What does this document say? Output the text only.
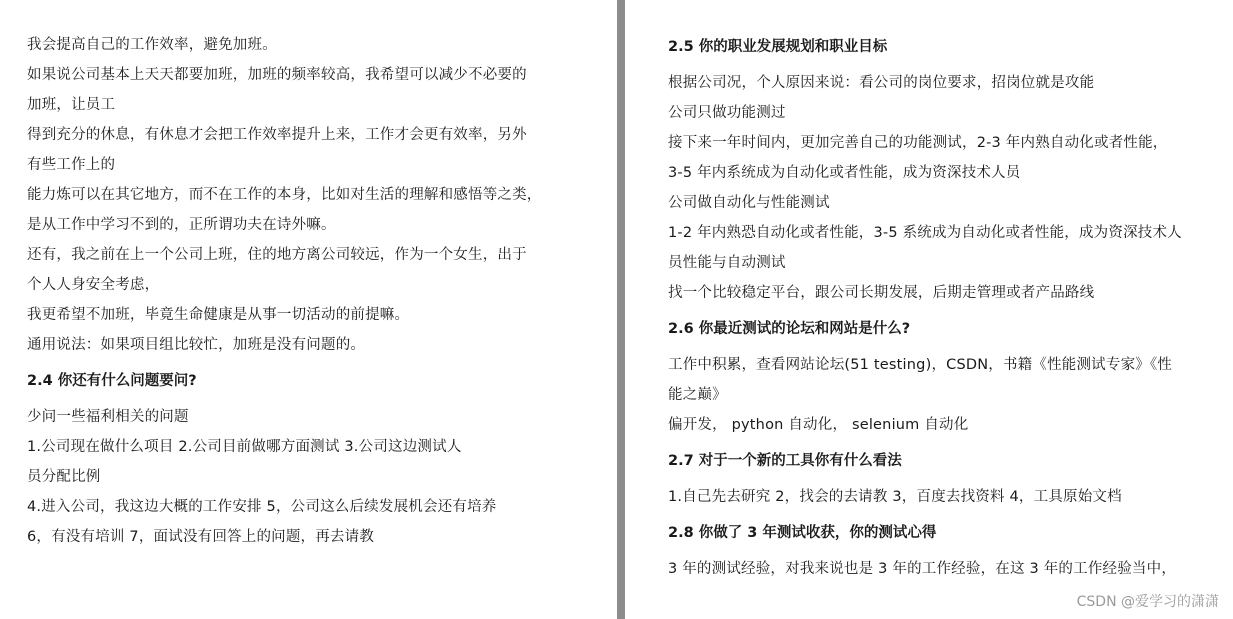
我会提高自己的工作效率，避免加班。
如果说公司基本上天天都要加班，加班的频率较高，我希望可以减少不必要的
加班，让员工
得到充分的休息，有休息才会把工作效率提升上来，工作才会更有效率，另外
有些工作上的
能力炼可以在其它地方，而不在工作的本身，比如对生活的理解和感悟等之类，
是从工作中学习不到的，正所谓功夫在诗外嘛。
还有，我之前在上一个公司上班，住的地方离公司较远，作为一个女生，出于
个人人身安全考虑，
我更希望不加班，毕竟生命健康是从事一切活动的前提嘛。
通用说法：如果项目组比较忙，加班是没有问题的。
2.4 你还有什么问题要问?
少问一些福利相关的问题
1.公司现在做什么项目 2.公司目前做哪方面测试 3.公司这边测试人
员分配比例
4.进入公司，我这边大概的工作安排 5，公司这么后续发展机会还有培养
6，有没有培训 7，面试没有回答上的问题，再去请教
2.5 你的职业发展规划和职业目标
根据公司况，个人原因来说：看公司的岗位要求，招岗位就是攻能
公司只做功能测过
接下来一年时间内，更加完善自己的功能测试，2-3 年内熟自动化或者性能，
3-5 年内系统成为自动化或者性能，成为资深技术人员
公司做自动化与性能测试
1-2 年内熟恐自动化或者性能，3-5 系统成为自动化或者性能，成为资深技术人
员性能与自动测试
找一个比较稳定平台，跟公司长期发展，后期走管理或者产品路线
2.6 你最近测试的论坛和网站是什么?
工作中积累，查看网站论坛(51 testing)，CSDN，书籍《性能测试专家》《性
能之巅》
偏开发， python 自动化， selenium 自动化
2.7 对于一个新的工具你有什么看法
1.自己先去研究 2，找会的去请教 3，百度去找资料 4，工具原始文档
2.8 你做了 3 年测试收获，你的测试心得
3 年的测试经验，对我来说也是 3 年的工作经验，在这 3 年的工作经验当中，
CSDN @爱学习的潇潇
